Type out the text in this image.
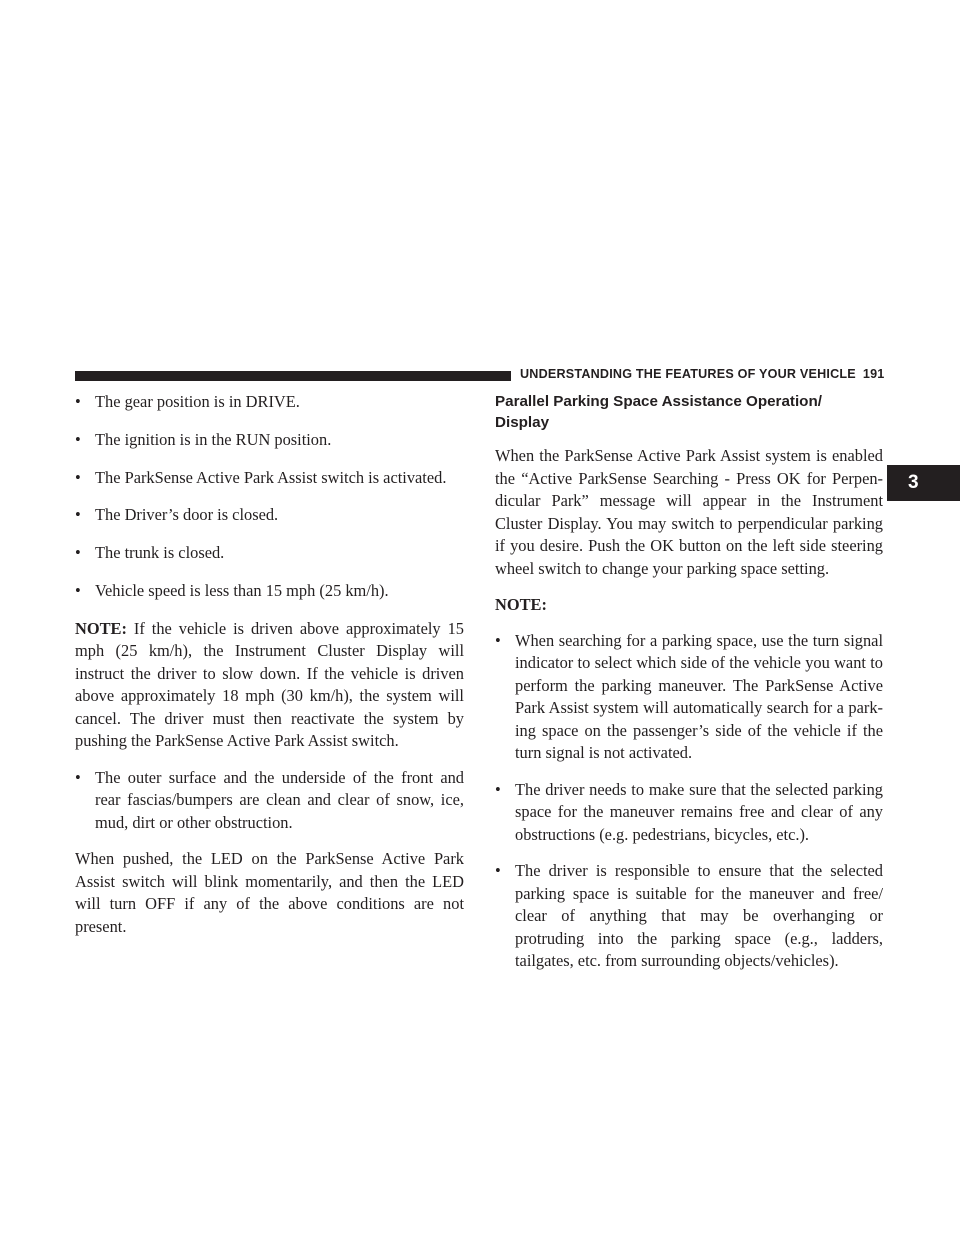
UNDERSTANDING THE FEATURES OF YOUR VEHICLE 191
3
• The gear position is in DRIVE.
• The ignition is in the RUN position.
• The ParkSense Active Park Assist switch is activated.
• The Driver’s door is closed.
• The trunk is closed.
• Vehicle speed is less than 15 mph (25 km/h).

NOTE: If the vehicle is driven above approximately 15 mph (25 km/h), the Instrument Cluster Display will instruct the driver to slow down. If the vehicle is driven above approximately 18 mph (30 km/h), the system will cancel. The driver must then reactivate the system by pushing the ParkSense Active Park Assist switch.

• The outer surface and the underside of the front and rear fascias/bumpers are clean and clear of snow, ice, mud, dirt or other obstruction.

When pushed, the LED on the ParkSense Active Park Assist switch will blink momentarily, and then the LED will turn OFF if any of the above conditions are not present.

Parallel Parking Space Assistance Operation/
Display

When the ParkSense Active Park Assist system is enabled the “Active ParkSense Searching - Press OK for Perpen-dicular Park” message will appear in the Instrument Cluster Display. You may switch to perpendicular parking if you desire. Push the OK button on the left side steering wheel switch to change your parking space setting.

NOTE:
• When searching for a parking space, use the turn signal indicator to select which side of the vehicle you want to perform the parking maneuver. The ParkSense Active Park Assist system will automatically search for a park-ing space on the passenger’s side of the vehicle if the turn signal is not activated.
• The driver needs to make sure that the selected parking space for the maneuver remains free and clear of any obstructions (e.g. pedestrians, bicycles, etc.).
• The driver is responsible to ensure that the selected parking space is suitable for the maneuver and free/ clear of anything that may be overhanging or protruding into the parking space (e.g., ladders, tailgates, etc. from surrounding objects/vehicles).
